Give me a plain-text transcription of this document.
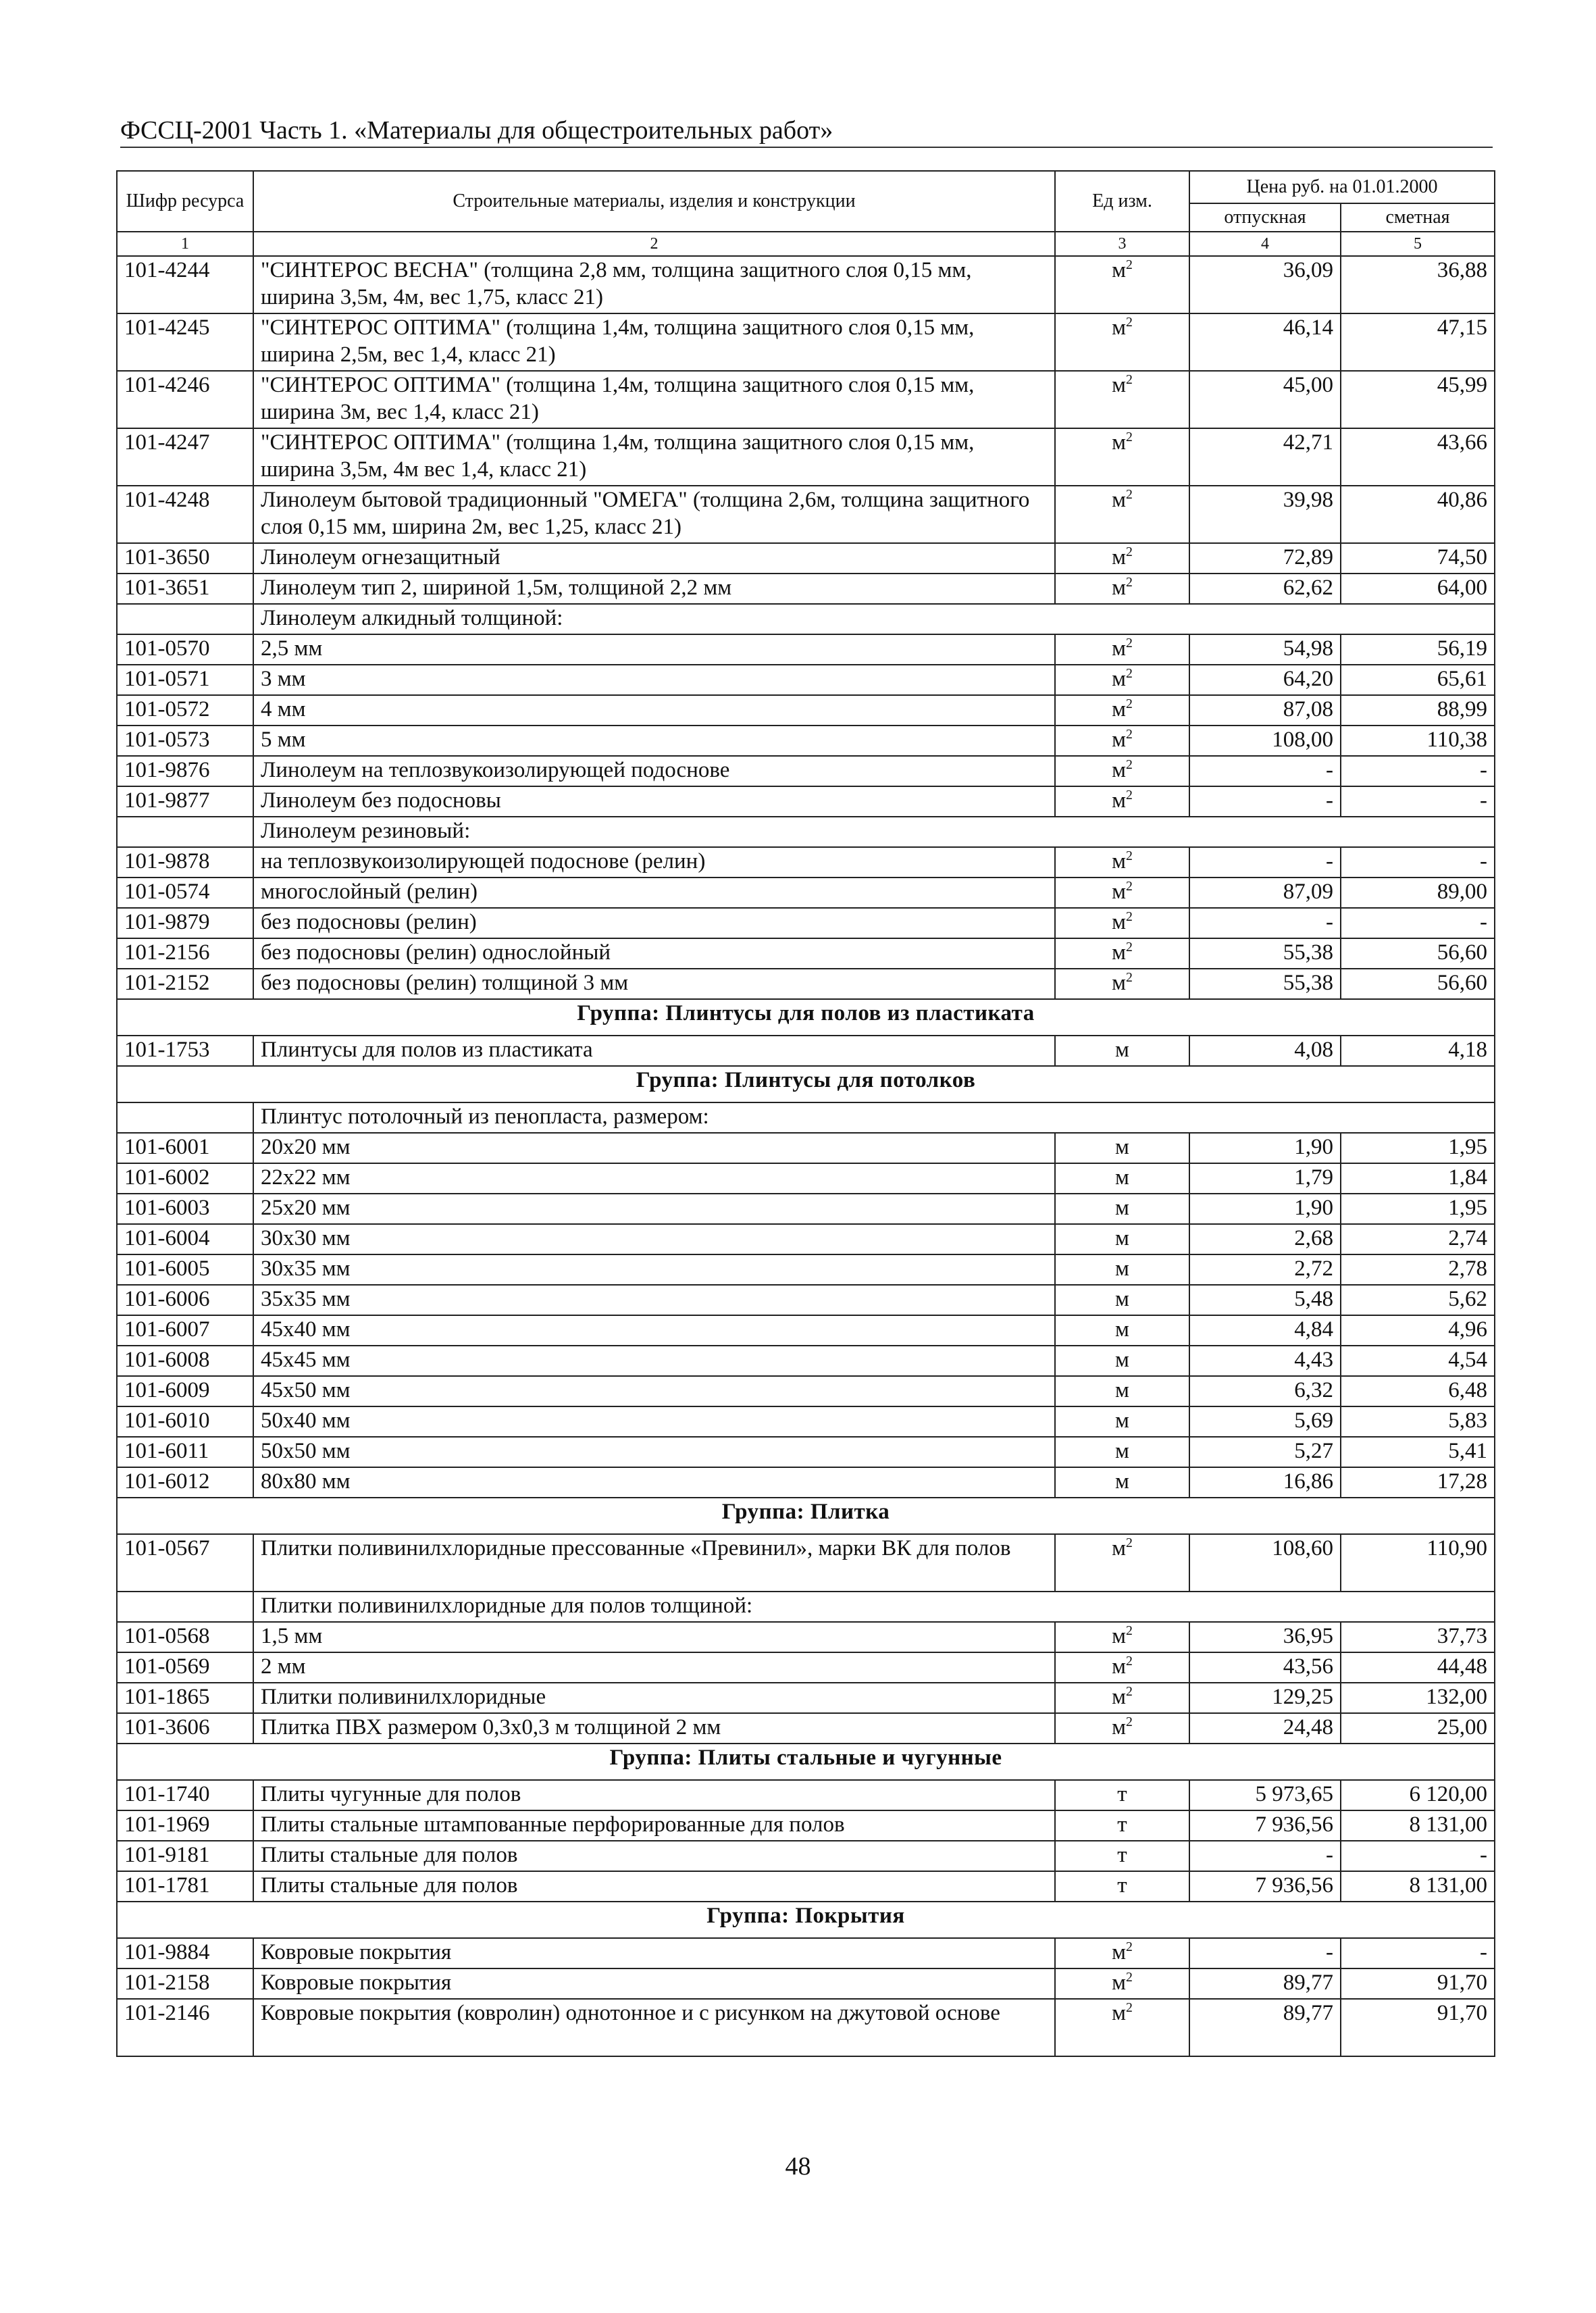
ФССЦ-2001 Часть 1. «Материалы для общестроительных работ»
Шифр ресурса	Строительные материалы, изделия и конструкции	Ед изм.	Цена руб. на 01.01.2000	
			отпускная	сметная
1	2	3	4	5
101-4244	"СИНТЕРОС ВЕСНА" (толщина 2,8 мм, толщина защитного слоя 0,15 мм, ширина 3,5м, 4м, вес 1,75, класс 21)	$м^2$	36,09	36,88
101-4245	"СИНТЕРОС ОПТИМА" (толщина 1,4м, толщина защитного слоя 0,15 мм, ширина 2,5м, вес 1,4, класс 21)	$м^2$	46,14	47,15
101-4246	"СИНТЕРОС ОПТИМА" (толщина 1,4м, толщина защитного слоя 0,15 мм, ширина 3м, вес 1,4, класс 21)	$м^2$	45,00	45,99
101-4247	"СИНТЕРОС ОПТИМА" (толщина 1,4м, толщина защитного слоя 0,15 мм, ширина 3,5м, 4м вес 1,4, класс 21)	$м^2$	42,71	43,66
101-4248	Линолеум бытовой традиционный "ОМЕГА" (толщина 2,6м, толщина защитного слоя 0,15 мм, ширина 2м, вес 1,25, класс 21)	$м^2$	39,98	40,86
101-3650	Линолеум огнезащитный	$м^2$	72,89	74,50
101-3651	Линолеум тип 2, шириной 1,5м, толщиной 2,2 мм	$м^2$	62,62	64,00
	Линолеум алкидный толщиной:			
101-0570	2,5 мм	$м^2$	54,98	56,19
101-0571	3 мм	$м^2$	64,20	65,61
101-0572	4 мм	$м^2$	87,08	88,99
101-0573	5 мм	$м^2$	108,00	110,38
101-9876	Линолеум на теплозвукоизолирующей подоснове	$м^2$	-	-
101-9877	Линолеум без подосновы	$м^2$	-	-
	Линолеум резиновый:			
101-9878	на теплозвукоизолирующей подоснове (релин)	$м^2$	-	-
101-0574	многослойный (релин)	$м^2$	87,09	89,00
101-9879	без подосновы (релин)	$м^2$	-	-
101-2156	без подосновы (релин) однослойный	$м^2$	55,38	56,60
101-2152	без подосновы (релин) толщиной 3 мм	$м^2$	55,38	56,60
Группа: Плинтусы для полов из пластиката				
101-1753	Плинтусы для полов из пластиката	м	4,08	4,18
Группа: Плинтусы для потолков				
	Плинтус потолочный из пенопласта, размером:			
101-6001	20х20 мм	м	1,90	1,95
101-6002	22х22 мм	м	1,79	1,84
101-6003	25х20 мм	м	1,90	1,95
101-6004	30х30 мм	м	2,68	2,74
101-6005	30х35 мм	м	2,72	2,78
101-6006	35х35 мм	м	5,48	5,62
101-6007	45х40 мм	м	4,84	4,96
101-6008	45х45 мм	м	4,43	4,54
101-6009	45х50 мм	м	6,32	6,48
101-6010	50х40 мм	м	5,69	5,83
101-6011	50х50 мм	м	5,27	5,41
101-6012	80х80 мм	м	16,86	17,28
Группа: Плитка				
101-0567	Плитки поливинилхлоридные прессованные «Превинил», марки ВК для полов	$м^2$	108,60	110,90
	Плитки поливинилхлоридные для полов толщиной:			
101-0568	1,5 мм	$м^2$	36,95	37,73
101-0569	2 мм	$м^2$	43,56	44,48
101-1865	Плитки поливинилхлоридные	$м^2$	129,25	132,00
101-3606	Плитка ПВХ размером 0,3х0,3 м толщиной 2 мм	$м^2$	24,48	25,00
Группа: Плиты стальные и чугунные				
101-1740	Плиты чугунные для полов	т	5 973,65	6 120,00
101-1969	Плиты стальные штампованные перфорированные для полов	т	7 936,56	8 131,00
101-9181	Плиты стальные для полов	т	-	-
101-1781	Плиты стальные для полов	т	7 936,56	8 131,00
Группа: Покрытия				
101-9884	Ковровые покрытия	$м^2$	-	-
101-2158	Ковровые покрытия	$м^2$	89,77	91,70
101-2146	Ковровые покрытия (ковролин) однотонное и с рисунком на джутовой основе	$м^2$	89,77	91,70
48
